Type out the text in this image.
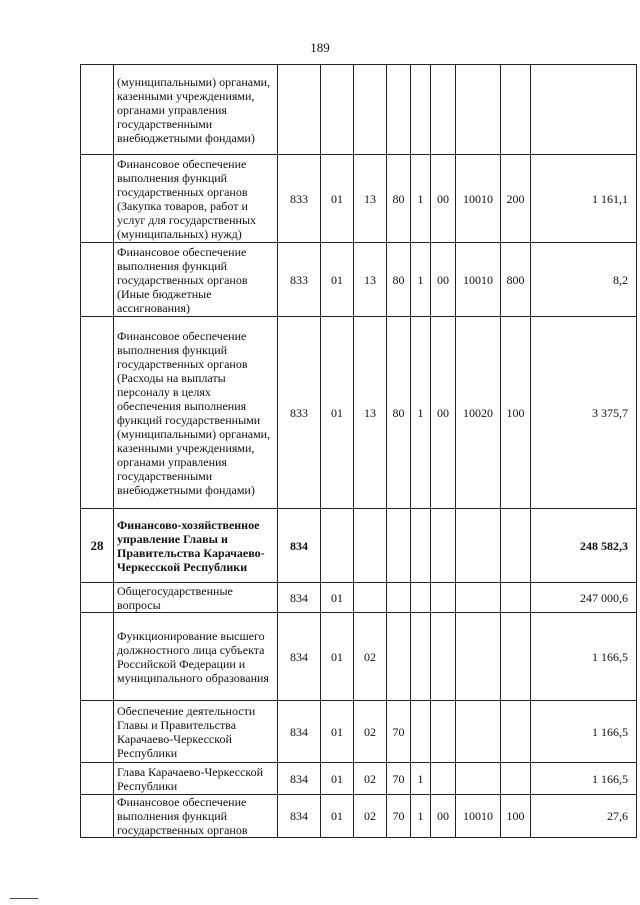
189
	(муниципальными) органами, казенными учреждениями, органами управления государственными внебюджетными фондами)									
	Финансовое обеспечение выполнения функций государственных органов (Закупка товаров, работ и услуг для государственных (муниципальных) нужд)	833	01	13	80	1	00	10010	200	1 161,1
	Финансовое обеспечение выполнения функций государственных органов (Иные бюджетные ассигнования)	833	01	13	80	1	00	10010	800	8,2
	Финансовое обеспечение выполнения функций государственных органов (Расходы на выплаты персоналу в целях обеспечения выполнения функций государственными (муниципальными) органами, казенными учреждениями, органами управления государственными внебюджетными фондами)	833	01	13	80	1	00	10020	100	3 375,7
28	Финансово-хозяйственное управление Главы и Правительства Карачаево-Черкесской Республики	834								248 582,3
	Общегосударственные вопросы	834	01							247 000,6
	Функционирование высшего должностного лица субъекта Российской Федерации и муниципального образования	834	01	02						1 166,5
	Обеспечение деятельности Главы и Правительства Карачаево-Черкесской Республики	834	01	02	70					1 166,5
	Глава Карачаево-Черкесской Республики	834	01	02	70	1				1 166,5
	Финансовое обеспечение выполнения функций государственных органов	834	01	02	70	1	00	10010	100	27,6
